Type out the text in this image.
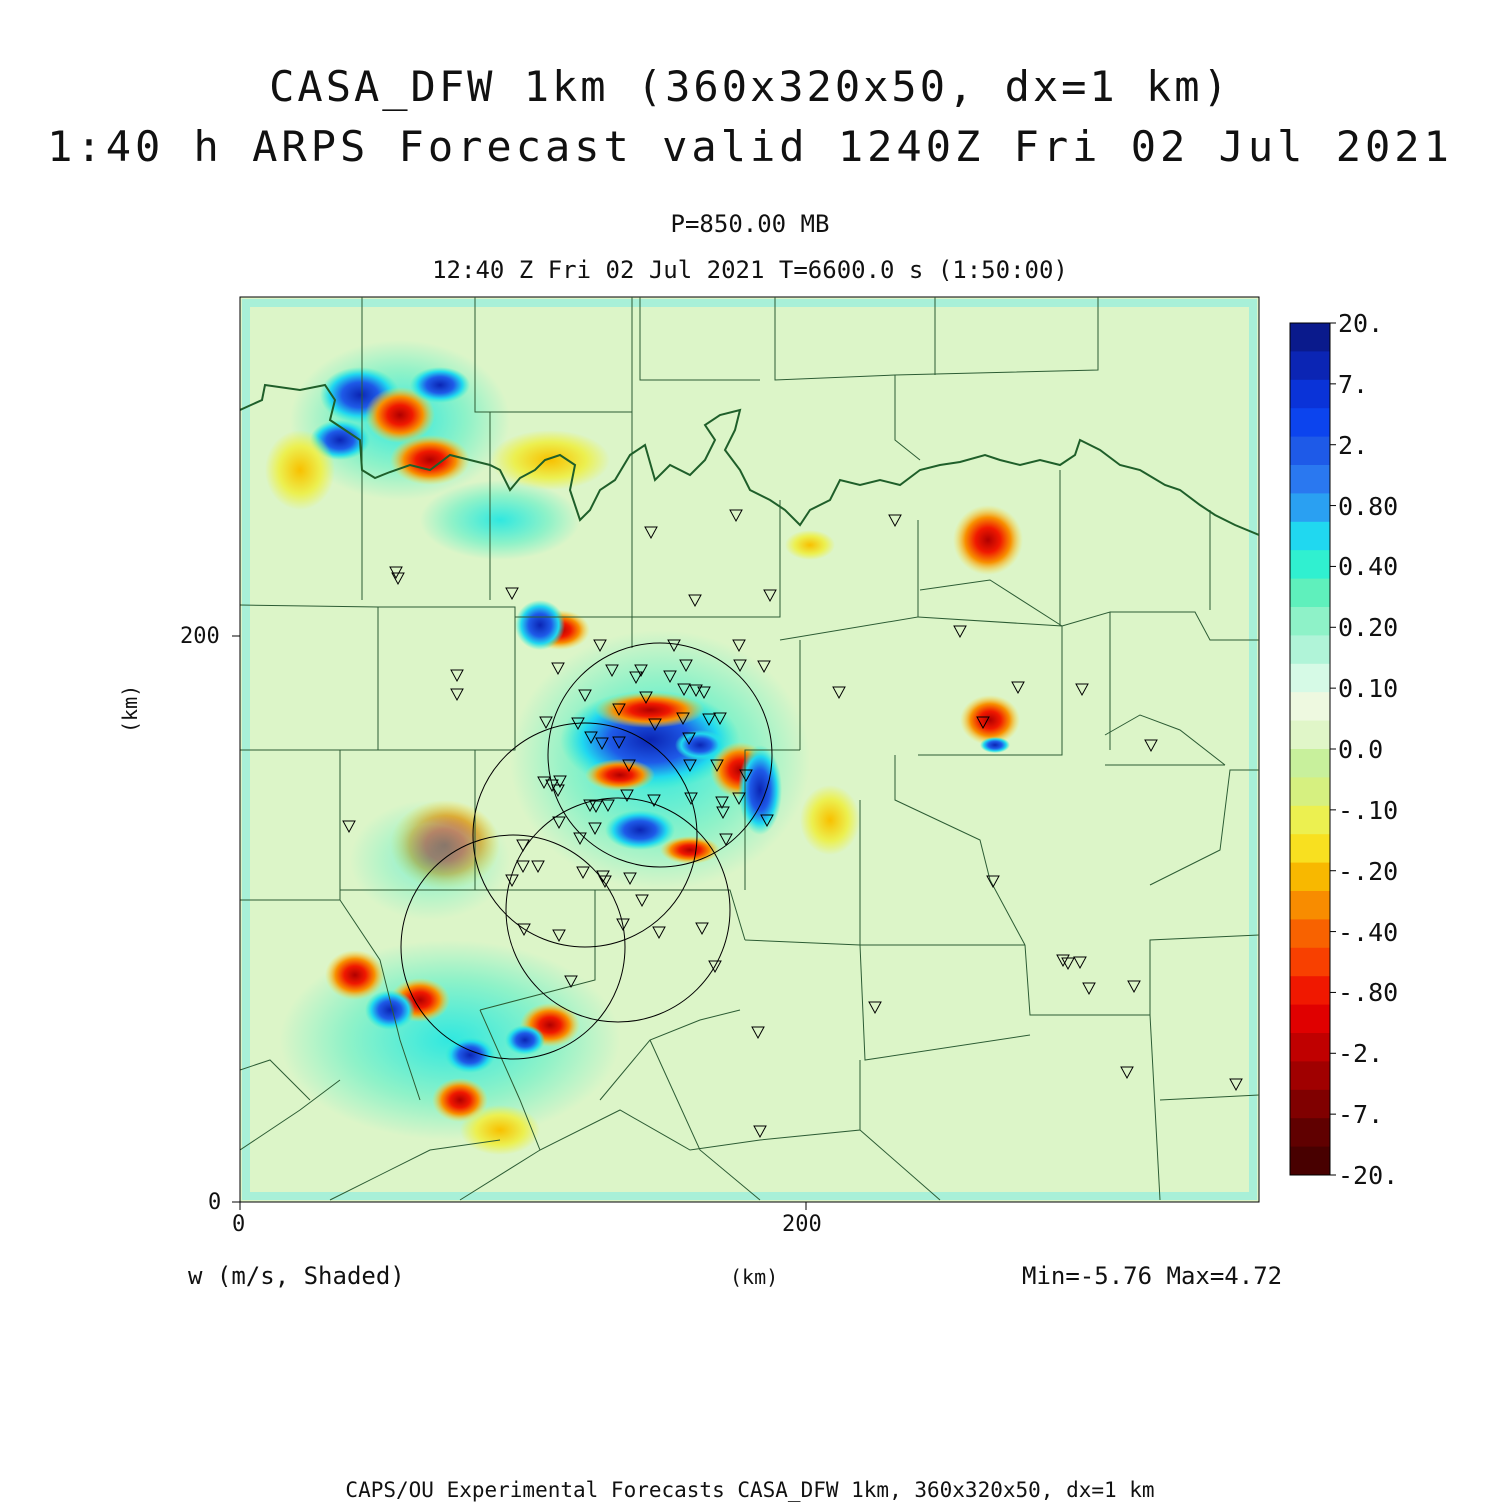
CASA_DFW 1km (360x320x50, dx=1 km)
1:40 h ARPS Forecast valid 1240Z Fri 02 Jul 2021
P=850.00 MB
12:40 Z Fri 02 Jul 2021 T=6600.0 s (1:50:00)
0	200
0
200
(km)
20.
7.
2.
0.80
0.40
0.20
0.10
0.0
-.10
-.20
-.40
-.80
-2.
-7.
-20.
w (m/s, Shaded)	(km)	Min=-5.76 Max=4.72
CAPS/OU Experimental Forecasts CASA_DFW 1km, 360x320x50, dx=1 km
